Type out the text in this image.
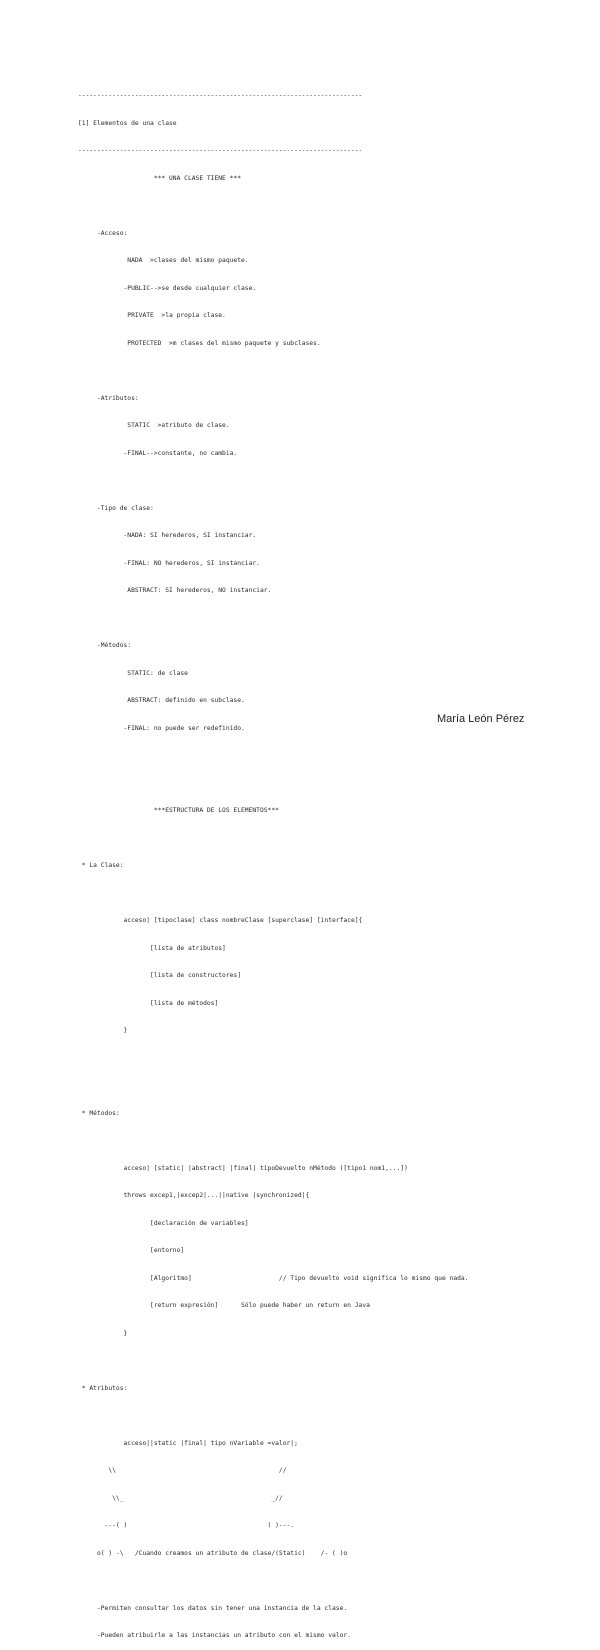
---------------------------------------------------------------------------

[1] Elementos de una clase

---------------------------------------------------------------------------

*** UNA CLASE TIENE ***

-Acceso:

NADA  >clases del mismo paquete.

-PUBLIC-->se desde cualquier clase.

PRIVATE  >la propia clase.

PROTECTED  >m clases del mismo paquete y subclases.

-Atributos:

STATIC  >atributo de clase.

-FINAL-->constante, no cambia.

-Tipo de clase:

-NADA: SI herederos, SI instanciar.

-FINAL: NO herederos, SI instanciar.

ABSTRACT: SI herederos, NO instanciar.

-Métodos:

STATIC: de clase

ABSTRACT: definido en subclase.

-FINAL: no puede ser redefinido.

***ESTRUCTURA DE LOS ELEMENTOS***

* La Clase:

acceso| [tipoclase] class nombreClase [superclase] [interface]{

[lista de atributos]

[lista de constructores]

[lista de métodos]

}

* Métodos:

acceso| [static| |abstract| |final| tipoDevuelto nMétodo ([tipo1 nom1,...])

throws excep1,|excep2|...||native |synchronized|{

[declaración de variables]

[entorno]

[Algoritmo]                       // Tipo devuelto void significa lo mismo que nada.

[return expresión]      Sólo puede haber un return en Java

}

* Atributos:

acceso||static |final| tipo nVariable =valor|;

\\                                           //

\\_                                       _//

---( )                                     ( )---.

o( ) -\   /Cuando creamos un atributo de clase/(Static)    /- ( )o

-Permiten consultar los datos sin tener una instancia de la clase.

-Pueden atribuirle a las instancias un atributo con el mismo valor.

María León Pérez
